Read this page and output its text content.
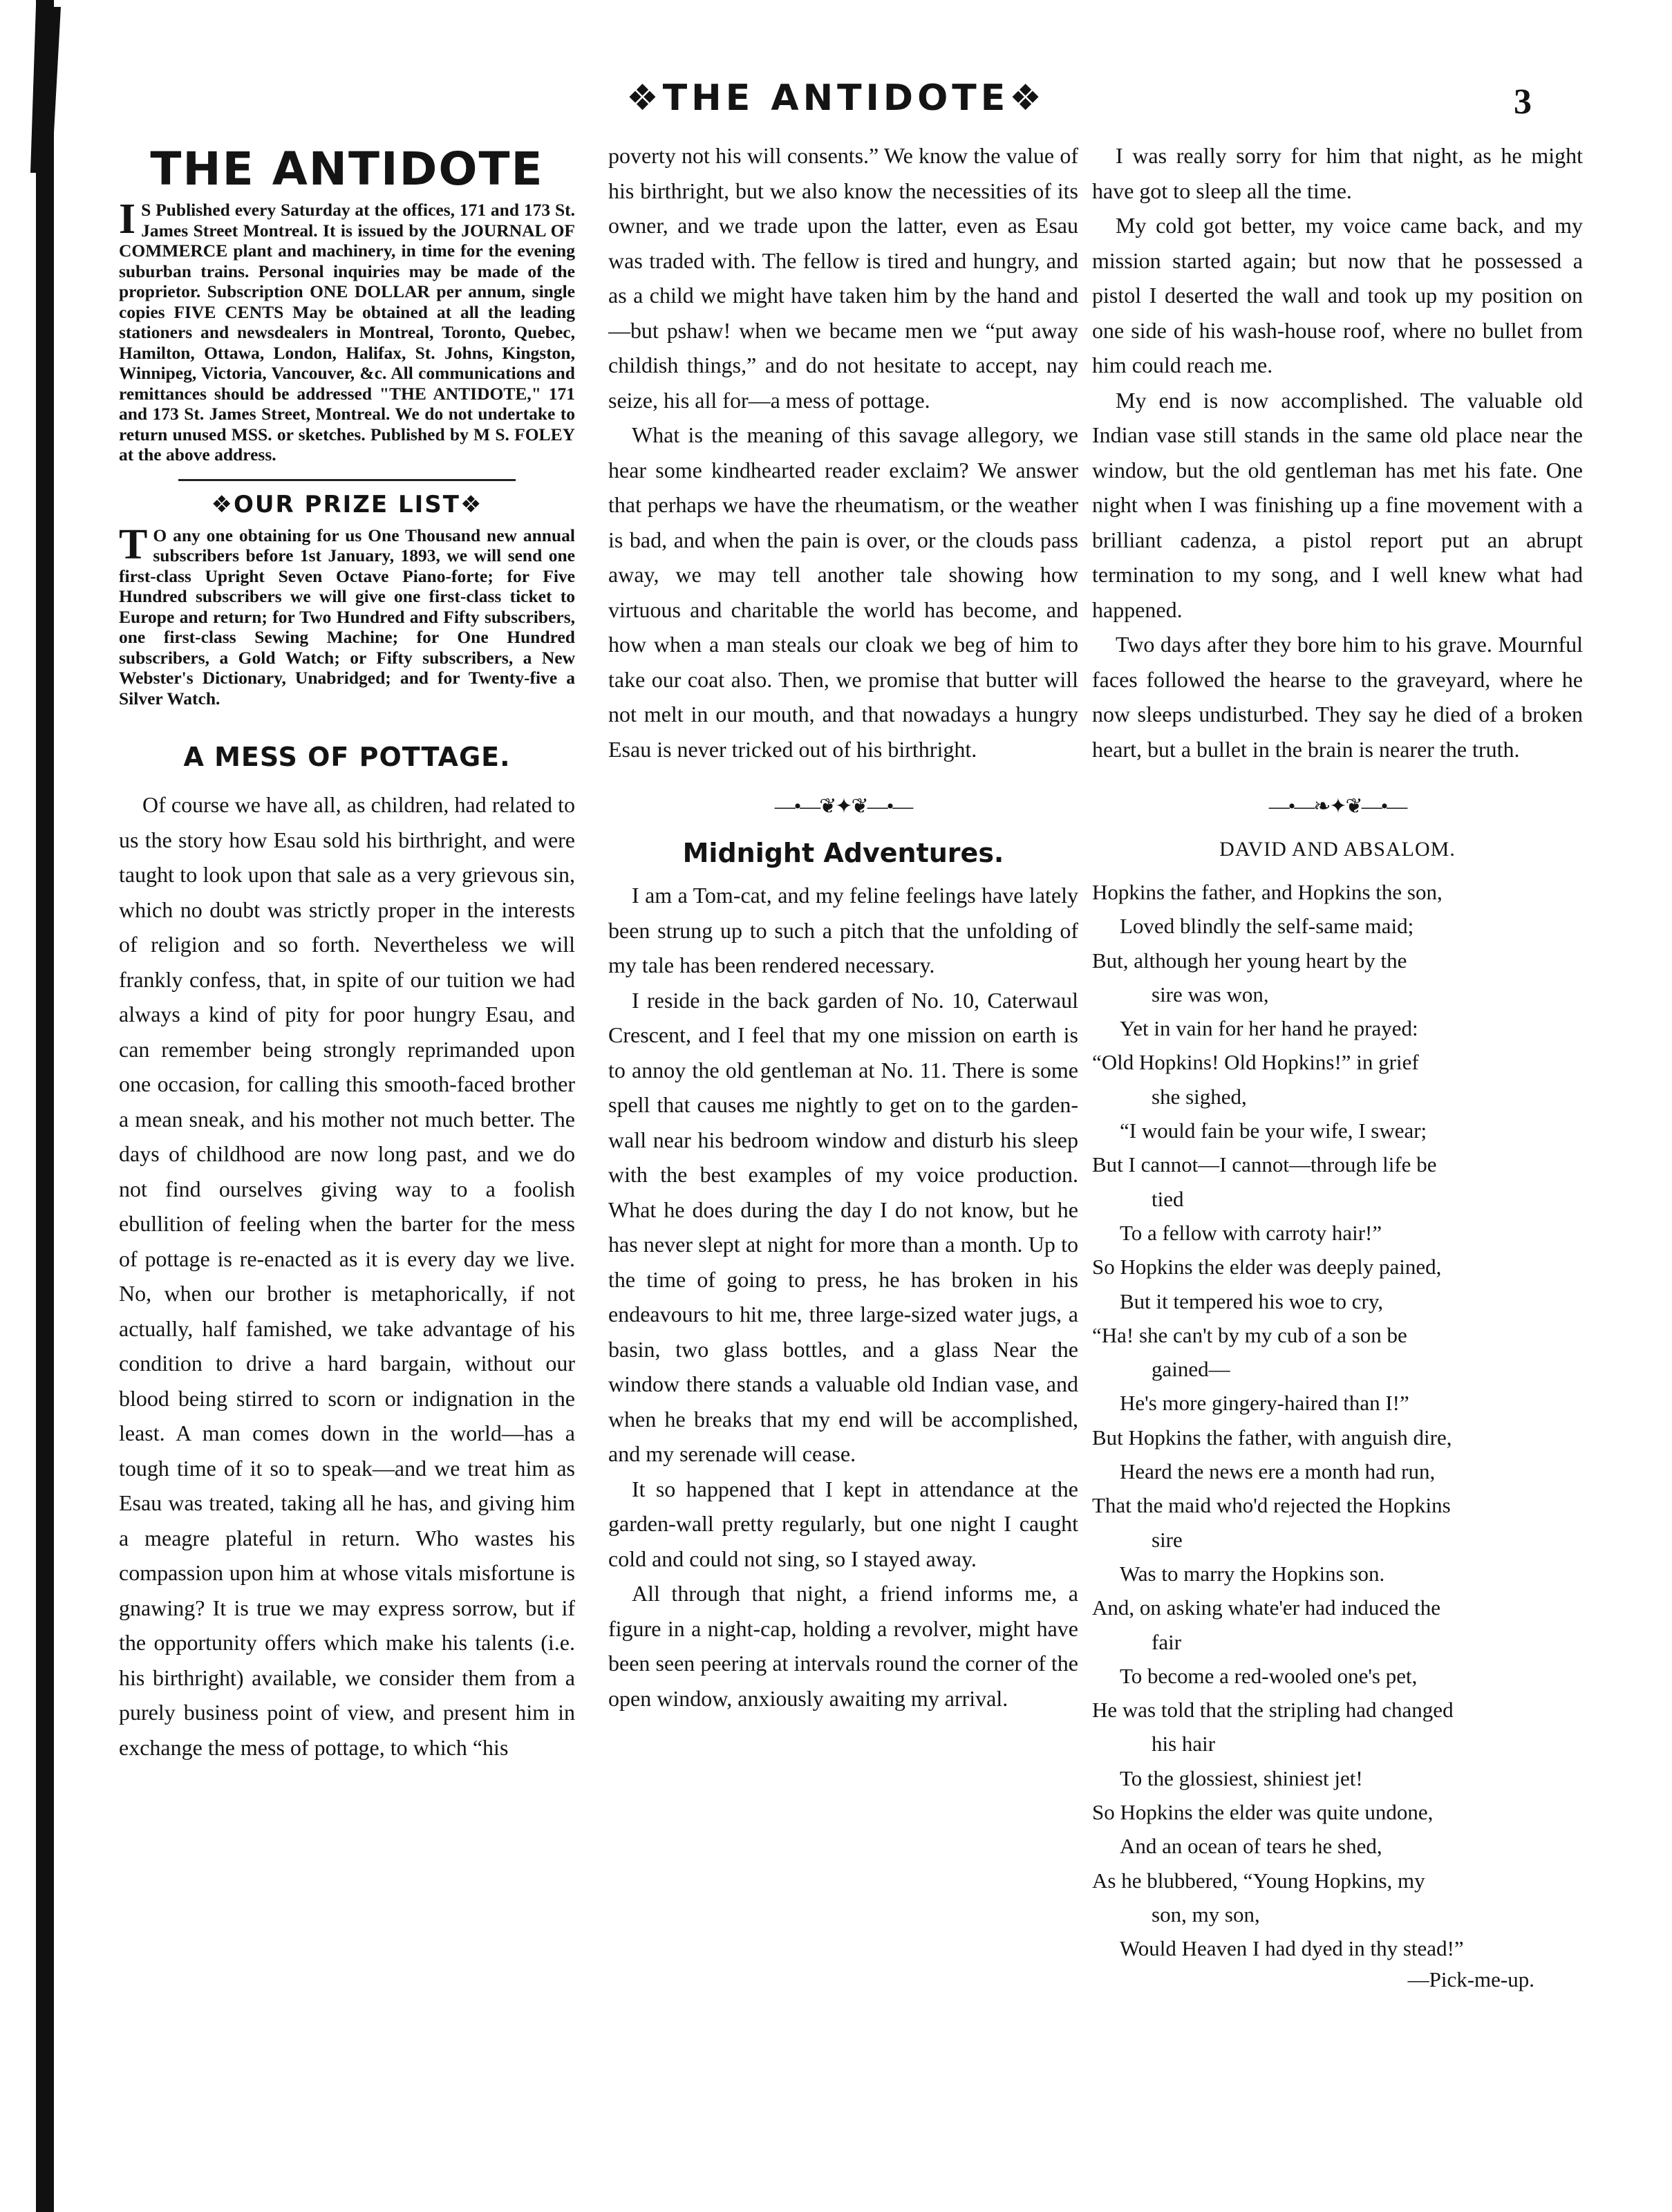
❖THE ANTIDOTE❖	3
THE ANTIDOTE

I S Published every Saturday at the offices, 171 and 173 St. James Street Montreal. It is issued by the JOURNAL OF COMMERCE plant and machinery, in time for the evening suburban trains. Personal inquiries may be made of the proprietor. Subscription ONE DOLLAR per annum, single copies FIVE CENTS May be obtained at all the leading stationers and newsdealers in Montreal, Toronto, Quebec, Hamilton, Ottawa, London, Halifax, St. Johns, Kingston, Winnipeg, Victoria, Vancouver, &c. All communications and remittances should be addressed "THE ANTIDOTE," 171 and 173 St. James Street, Montreal. We do not undertake to return unused MSS. or sketches. Published by M S. FOLEY at the above address.

❖OUR PRIZE LIST❖

T O any one obtaining for us One Thousand new annual subscribers before 1st January, 1893, we will send one first-class Upright Seven Octave Piano-forte; for Five Hundred subscribers we will give one first-class ticket to Europe and return; for Two Hundred and Fifty subscribers, one first-class Sewing Machine; for One Hundred subscribers, a Gold Watch; or Fifty subscribers, a New Webster's Dictionary, Unabridged; and for Twenty-five a Silver Watch.

A MESS OF POTTAGE.

Of course we have all, as children, had related to us the story how Esau sold his birthright, and were taught to look upon that sale as a very grievous sin, which no doubt was strictly proper in the interests of religion and so forth. Nevertheless we will frankly confess, that, in spite of our tuition we had always a kind of pity for poor hungry Esau, and can remember being strongly reprimanded upon one occasion, for calling this smooth-faced brother a mean sneak, and his mother not much better. The days of childhood are now long past, and we do not find ourselves giving way to a foolish ebullition of feeling when the barter for the mess of pottage is re-enacted as it is every day we live. No, when our brother is metaphorically, if not actually, half famished, we take advantage of his condition to drive a hard bargain, without our blood being stirred to scorn or indignation in the least. A man comes down in the world—has a tough time of it so to speak—and we treat him as Esau was treated, taking all he has, and giving him a meagre plateful in return. Who wastes his compassion upon him at whose vitals misfortune is gnawing? It is true we may express sorrow, but if the opportunity offers which make his talents (i.e. his birthright) available, we consider them from a purely business point of view, and present him in exchange the mess of pottage, to which “his

poverty not his will consents.” We know the value of his birthright, but we also know the necessities of its owner, and we trade upon the latter, even as Esau was traded with. The fellow is tired and hungry, and as a child we might have taken him by the hand and—but pshaw! when we became men we “put away childish things,” and do not hesitate to accept, nay seize, his all for—a mess of pottage.

What is the meaning of this savage allegory, we hear some kindhearted reader exclaim? We answer that perhaps we have the rheumatism, or the weather is bad, and when the pain is over, or the clouds pass away, we may tell another tale showing how virtuous and charitable the world has become, and how when a man steals our cloak we beg of him to take our coat also. Then, we promise that butter will not melt in our mouth, and that nowadays a hungry Esau is never tricked out of his birthright.

—•—❦✦❦—•—
Midnight Adventures.

I am a Tom-cat, and my feline feelings have lately been strung up to such a pitch that the unfolding of my tale has been rendered necessary.

I reside in the back garden of No. 10, Caterwaul Crescent, and I feel that my one mission on earth is to annoy the old gentleman at No. 11. There is some spell that causes me nightly to get on to the garden-wall near his bedroom window and disturb his sleep with the best examples of my voice production. What he does during the day I do not know, but he has never slept at night for more than a month. Up to the time of going to press, he has broken in his endeavours to hit me, three large-sized water jugs, a basin, two glass bottles, and a glass Near the window there stands a valuable old Indian vase, and when he breaks that my end will be accomplished, and my serenade will cease.

It so happened that I kept in attendance at the garden-wall pretty regularly, but one night I caught cold and could not sing, so I stayed away.

All through that night, a friend informs me, a figure in a night-cap, holding a revolver, might have been seen peering at intervals round the corner of the open window, anxiously awaiting my arrival.

I was really sorry for him that night, as he might have got to sleep all the time.

My cold got better, my voice came back, and my mission started again; but now that he possessed a pistol I deserted the wall and took up my position on one side of his wash-house roof, where no bullet from him could reach me.

My end is now accomplished. The valuable old Indian vase still stands in the same old place near the window, but the old gentleman has met his fate. One night when I was finishing up a fine movement with a brilliant cadenza, a pistol report put an abrupt termination to my song, and I well knew what had happened.

Two days after they bore him to his grave. Mournful faces followed the hearse to the graveyard, where he now sleeps undisturbed. They say he died of a broken heart, but a bullet in the brain is nearer the truth.

—•—❧✦❦—•—
DAVID AND ABSALOM.
Hopkins the father, and Hopkins the son,
Loved blindly the self-same maid;
But, although her young heart by the
sire was won,
Yet in vain for her hand he prayed:
“Old Hopkins! Old Hopkins!” in grief
she sighed,
“I would fain be your wife, I swear;
But I cannot—I cannot—through life be
tied
To a fellow with carroty hair!”
So Hopkins the elder was deeply pained,
But it tempered his woe to cry,
“Ha! she can't by my cub of a son be
gained—
He's more gingery-haired than I!”
But Hopkins the father, with anguish dire,
Heard the news ere a month had run,
That the maid who'd rejected the Hopkins
sire
Was to marry the Hopkins son.
And, on asking whate'er had induced the
fair
To become a red-wooled one's pet,
He was told that the stripling had changed
his hair
To the glossiest, shiniest jet!
So Hopkins the elder was quite undone,
And an ocean of tears he shed,
As he blubbered, “Young Hopkins, my
son, my son,
Would Heaven I had dyed in thy stead!”
—Pick-me-up.
